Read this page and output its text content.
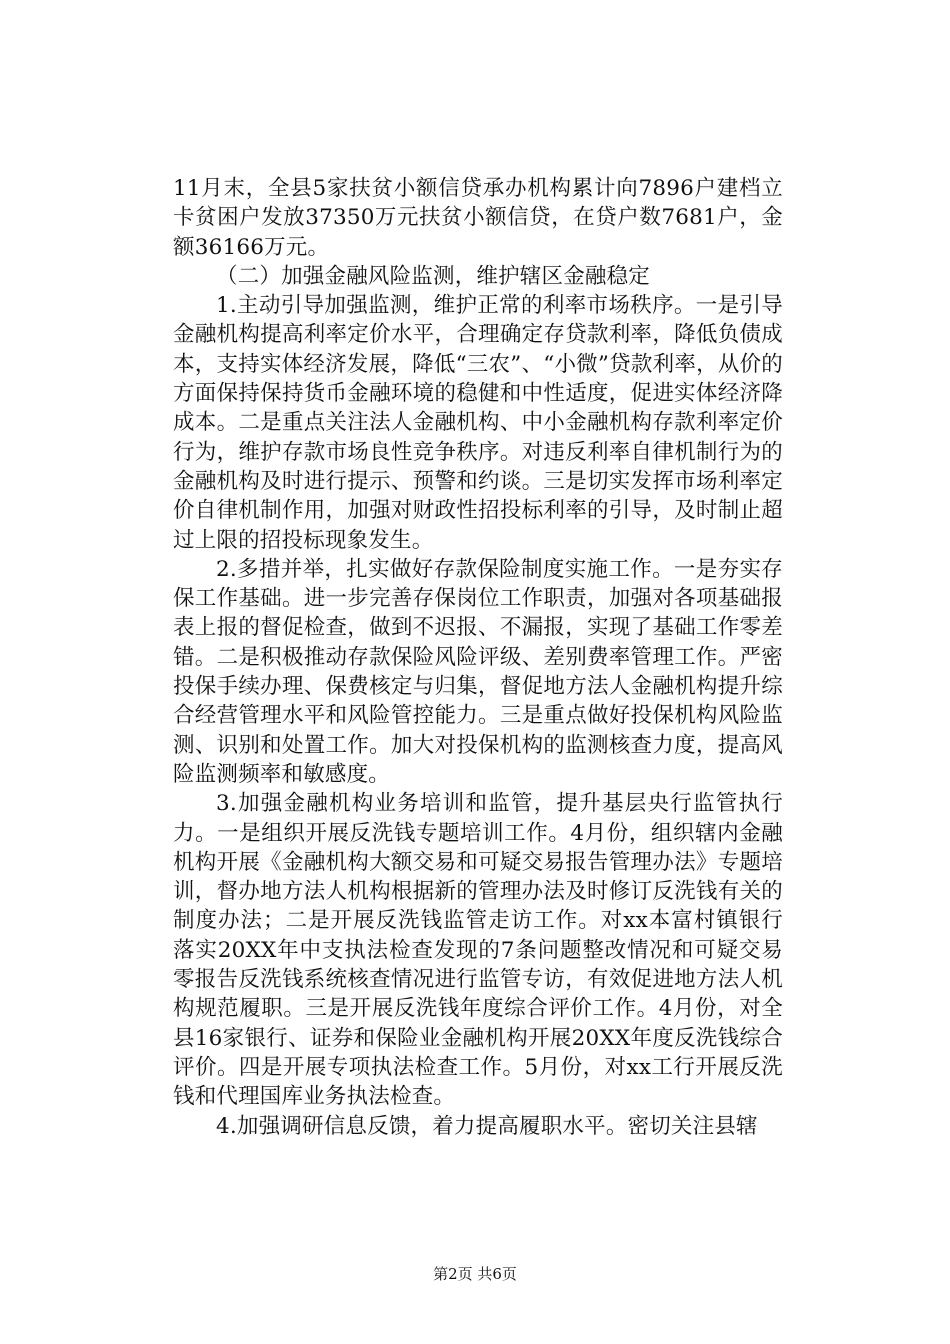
11月末，全县5家扶贫小额信贷承办机构累计向7896户建档立卡贫困户发放37350万元扶贫小额信贷，在贷户数7681户，金额36166万元。

（二）加强金融风险监测，维护辖区金融稳定

1.主动引导加强监测，维护正常的利率市场秩序。一是引导金融机构提高利率定价水平，合理确定存贷款利率，降低负债成本，支持实体经济发展，降低“三农”、“小微”贷款利率，从价的方面保持保持货币金融环境的稳健和中性适度，促进实体经济降成本。二是重点关注法人金融机构、中小金融机构存款利率定价行为，维护存款市场良性竞争秩序。对违反利率自律机制行为的金融机构及时进行提示、预警和约谈。三是切实发挥市场利率定价自律机制作用，加强对财政性招投标利率的引导，及时制止超过上限的招投标现象发生。

2.多措并举，扎实做好存款保险制度实施工作。一是夯实存保工作基础。进一步完善存保岗位工作职责，加强对各项基础报表上报的督促检查，做到不迟报、不漏报，实现了基础工作零差错。二是积极推动存款保险风险评级、差别费率管理工作。严密投保手续办理、保费核定与归集，督促地方法人金融机构提升综合经营管理水平和风险管控能力。三是重点做好投保机构风险监测、识别和处置工作。加大对投保机构的监测核查力度，提高风险监测频率和敏感度。

3.加强金融机构业务培训和监管，提升基层央行监管执行力。一是组织开展反洗钱专题培训工作。4月份，组织辖内金融机构开展《金融机构大额交易和可疑交易报告管理办法》专题培训，督办地方法人机构根据新的管理办法及时修订反洗钱有关的制度办法；二是开展反洗钱监管走访工作。对xx本富村镇银行落实20XX年中支执法检查发现的7条问题整改情况和可疑交易零报告反洗钱系统核查情况进行监管专访，有效促进地方法人机构规范履职。三是开展反洗钱年度综合评价工作。4月份，对全县16家银行、证券和保险业金融机构开展20XX年度反洗钱综合评价。四是开展专项执法检查工作。5月份，对xx工行开展反洗钱和代理国库业务执法检查。

4.加强调研信息反馈，着力提高履职水平。密切关注县辖

第2页 共6页
